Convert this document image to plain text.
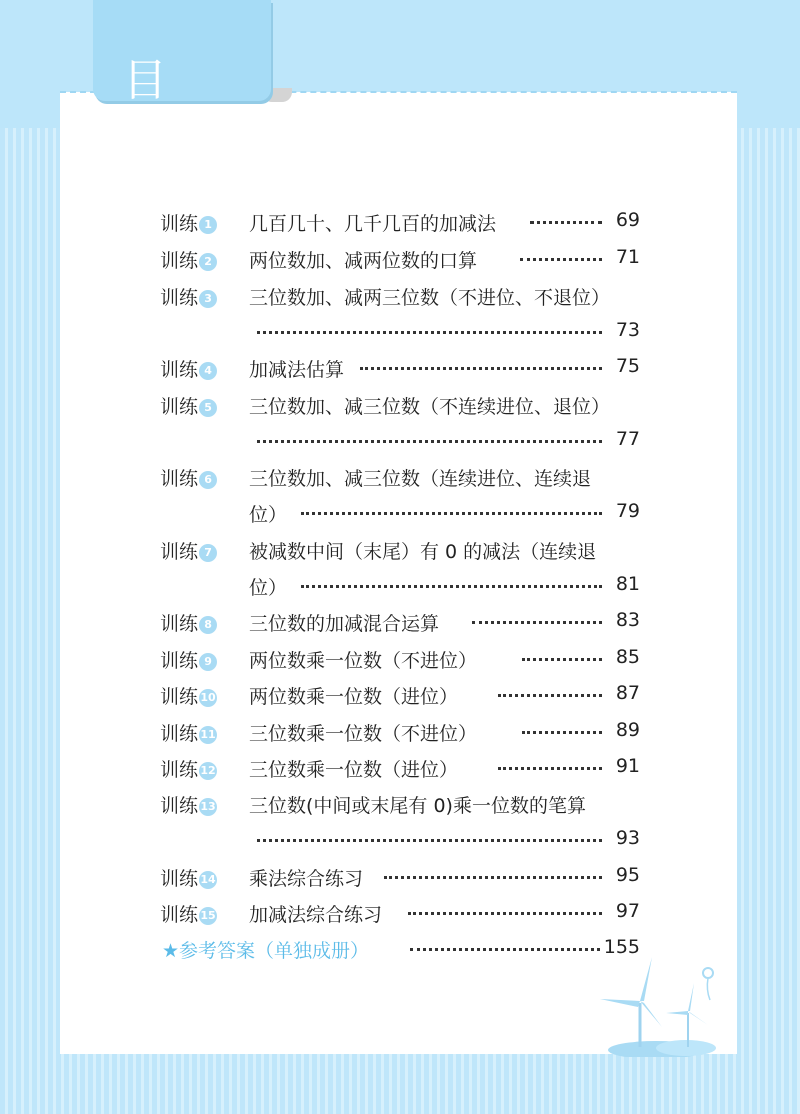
目 录
训练 1 几百几十、几千几百的加减法	69
训练 2 两位数加、减两位数的口算	71
训练 3 三位数加、减两三位数（不进位、不退位）
73
训练 4 加减法估算	75
训练 5 三位数加、减三位数（不连续进位、退位）
77
训练 6 三位数加、减三位数（连续进位、连续退
位）	79
训练 7 被减数中间（末尾）有 0 的减法（连续退
位）	81
训练 8 三位数的加减混合运算	83
训练 9 两位数乘一位数（不进位）	85
训练 10 两位数乘一位数（进位）	87
训练 11 三位数乘一位数（不进位）	89
训练 12 三位数乘一位数（进位）	91
训练 13 三位数(中间或末尾有 0)乘一位数的笔算
93
训练 14 乘法综合练习	95
训练 15 加减法综合练习	97
★参考答案（单独成册）	155
